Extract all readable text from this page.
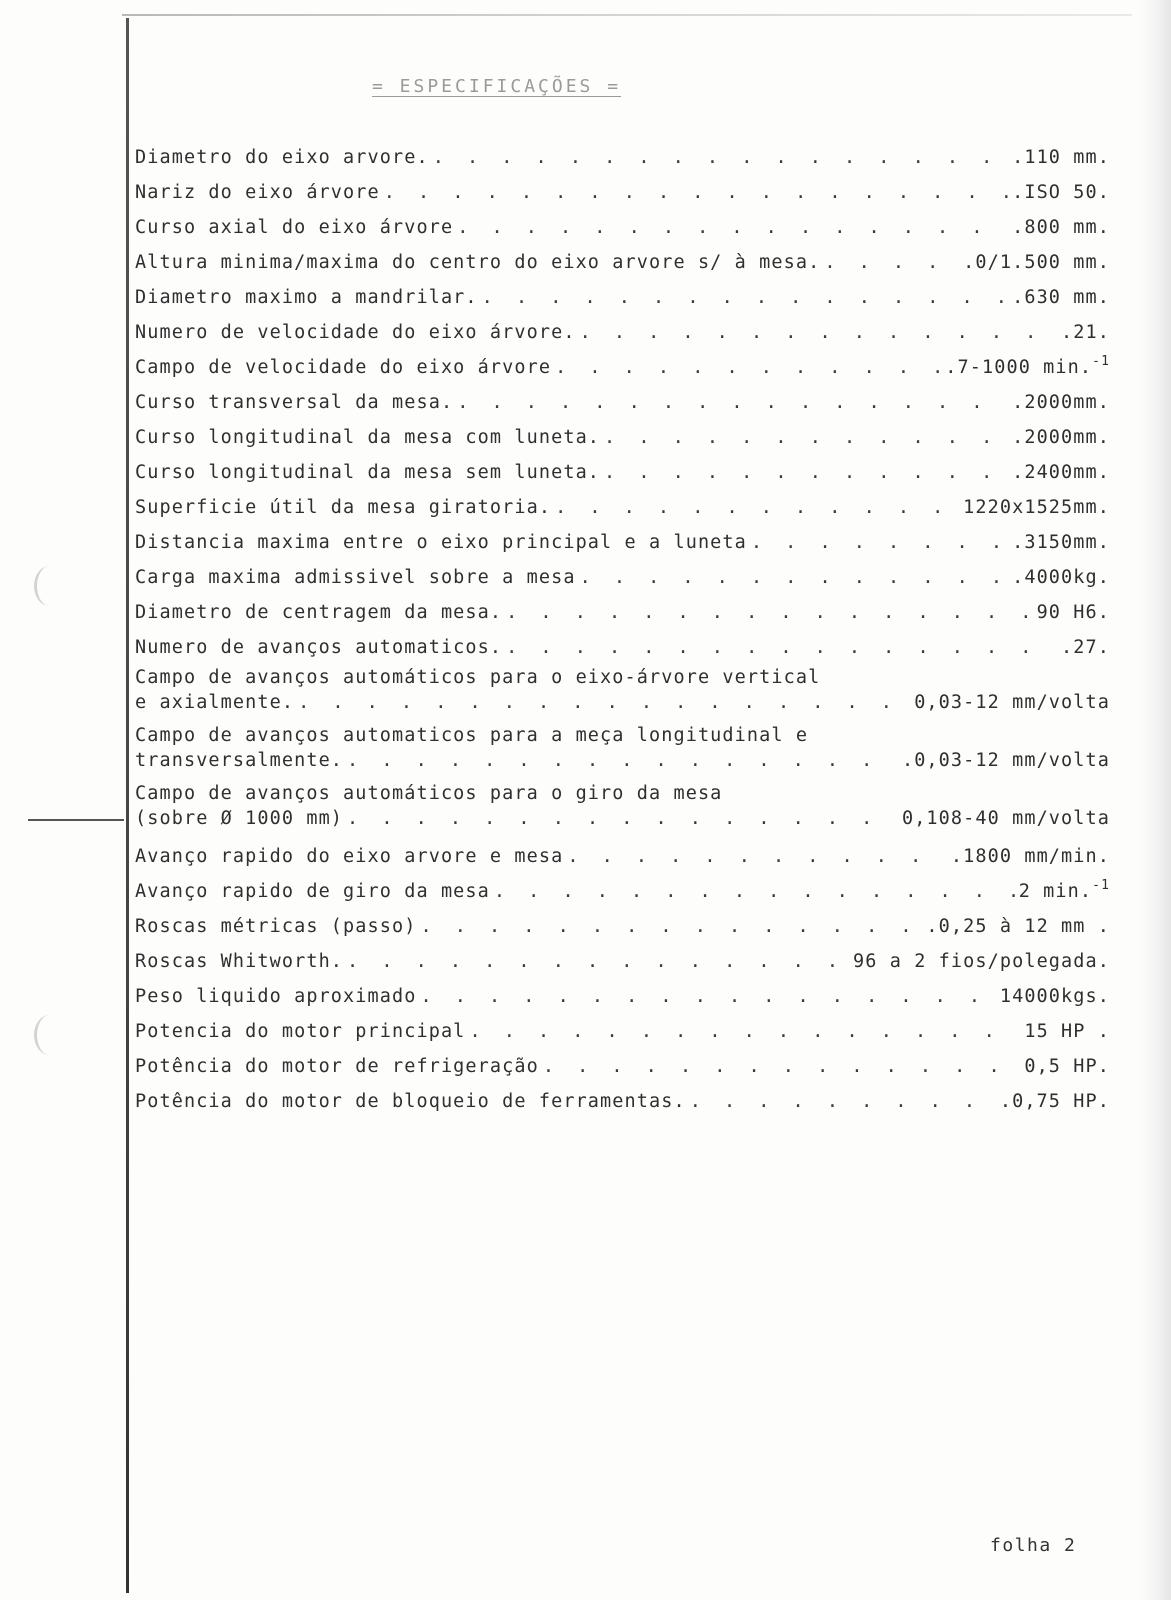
= ESPECIFICAÇÕES =
Diametro do eixo arvore. . . .	.110 mm.
Nariz do eixo árvore . . .	.ISO 50.
Curso axial do eixo árvore . . .	.800 mm.
Altura minima/maxima do centro do eixo arvore s/ à mesa. . . .	.0/1.500 mm.
Diametro maximo a mandrilar. . . .	.630 mm.
Numero de velocidade do eixo árvore. . . .	.21.
Campo de velocidade do eixo árvore . . .	.7-1000 min.$^{-1}$
Curso transversal da mesa. . . .	.2000mm.
Curso longitudinal da mesa com luneta. . . .	.2000mm.
Curso longitudinal da mesa sem luneta. . . .	.2400mm.
Superficie útil da mesa giratoria. . . .	1220x1525mm.
Distancia maxima entre o eixo principal e a luneta . . .	.3150mm.
Carga maxima admissivel sobre a mesa . . .	.4000kg.
Diametro de centragem da mesa. . . .	90 H6.
Numero de avanços automaticos. . . .	.27.
Campo de avanços automáticos para o eixo-árvore vertical
e axialmente. . . .	0,03-12 mm/volta
Campo de avanços automaticos para a meça longitudinal e
transversalmente. . . .	.0,03-12 mm/volta
Campo de avanços automáticos para o giro da mesa
(sobre Ø 1000 mm) . . .	0,108-40 mm/volta
Avanço rapido do eixo arvore e mesa . . .	.1800 mm/min.
Avanço rapido de giro da mesa . . .	2 min.$^{-1}$
Roscas métricas (passo) . . .	.0,25 à 12 mm .
Roscas Whitworth. . . .	96 a 2 fios/polegada.
Peso liquido aproximado . . .	14000kgs.
Potencia do motor principal . . .	15 HP .
Potência do motor de refrigeração . . .	0,5 HP.
Potência do motor de bloqueio de ferramentas. . . .	.0,75 HP.
folha 2
